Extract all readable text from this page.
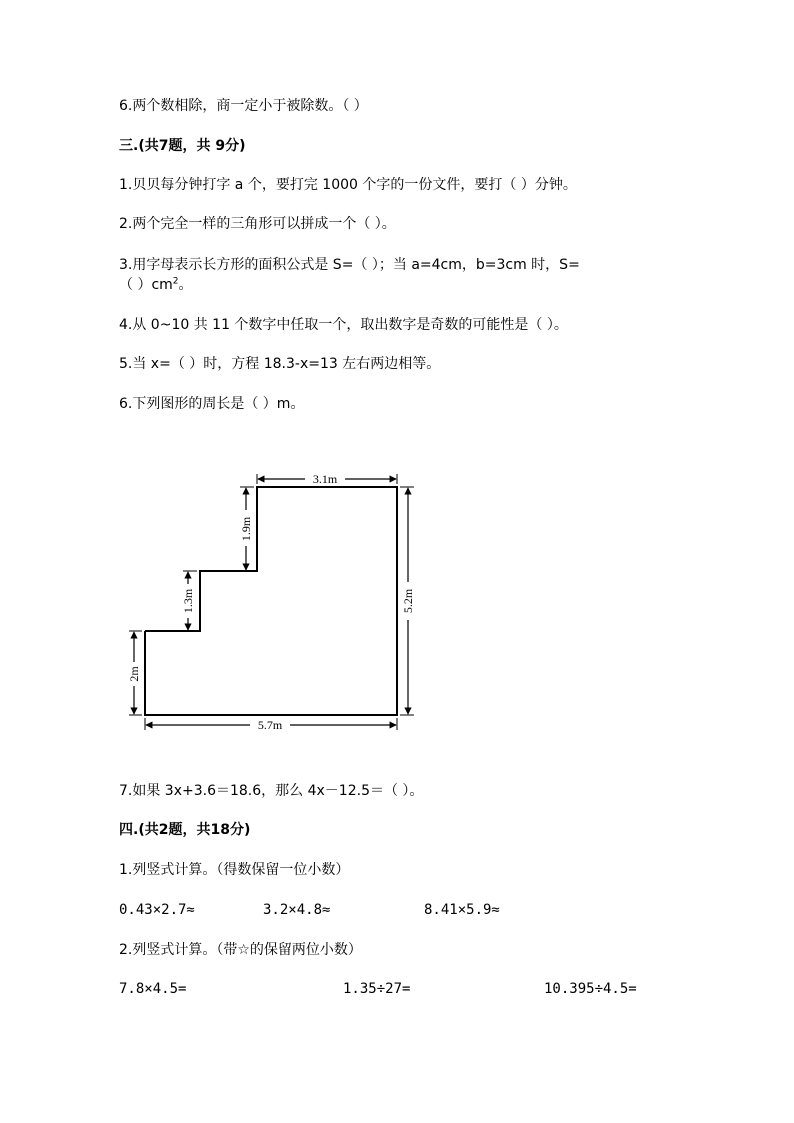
6.两个数相除，商一定小于被除数。（ ）
三.(共7题，共 9分)
1.贝贝每分钟打字 a 个，要打完 1000 个字的一份文件，要打（ ）分钟。
2.两个完全一样的三角形可以拼成一个（ ）。
3.用字母表示长方形的面积公式是 S=（ ）；当 a=4cm，b=3cm 时，S=
（ ）$cm^2$。
4.从 0~10 共 11 个数字中任取一个，取出数字是奇数的可能性是（ ）。
5.当 x=（ ）时，方程 18.3-x=13 左右两边相等。
6.下列图形的周长是（ ）m。
3.1m
1.9m
1.3m
2m
5.2m
5.7m
7.如果 3x+3.6＝18.6，那么 4x－12.5＝（ ）。
四.(共2题，共18分)
1.列竖式计算。（得数保留一位小数）
0.43×2.7≈	3.2×4.8≈	8.41×5.9≈
2.列竖式计算。（带☆的保留两位小数）
7.8×4.5=	1.35÷27=	10.395÷4.5=
